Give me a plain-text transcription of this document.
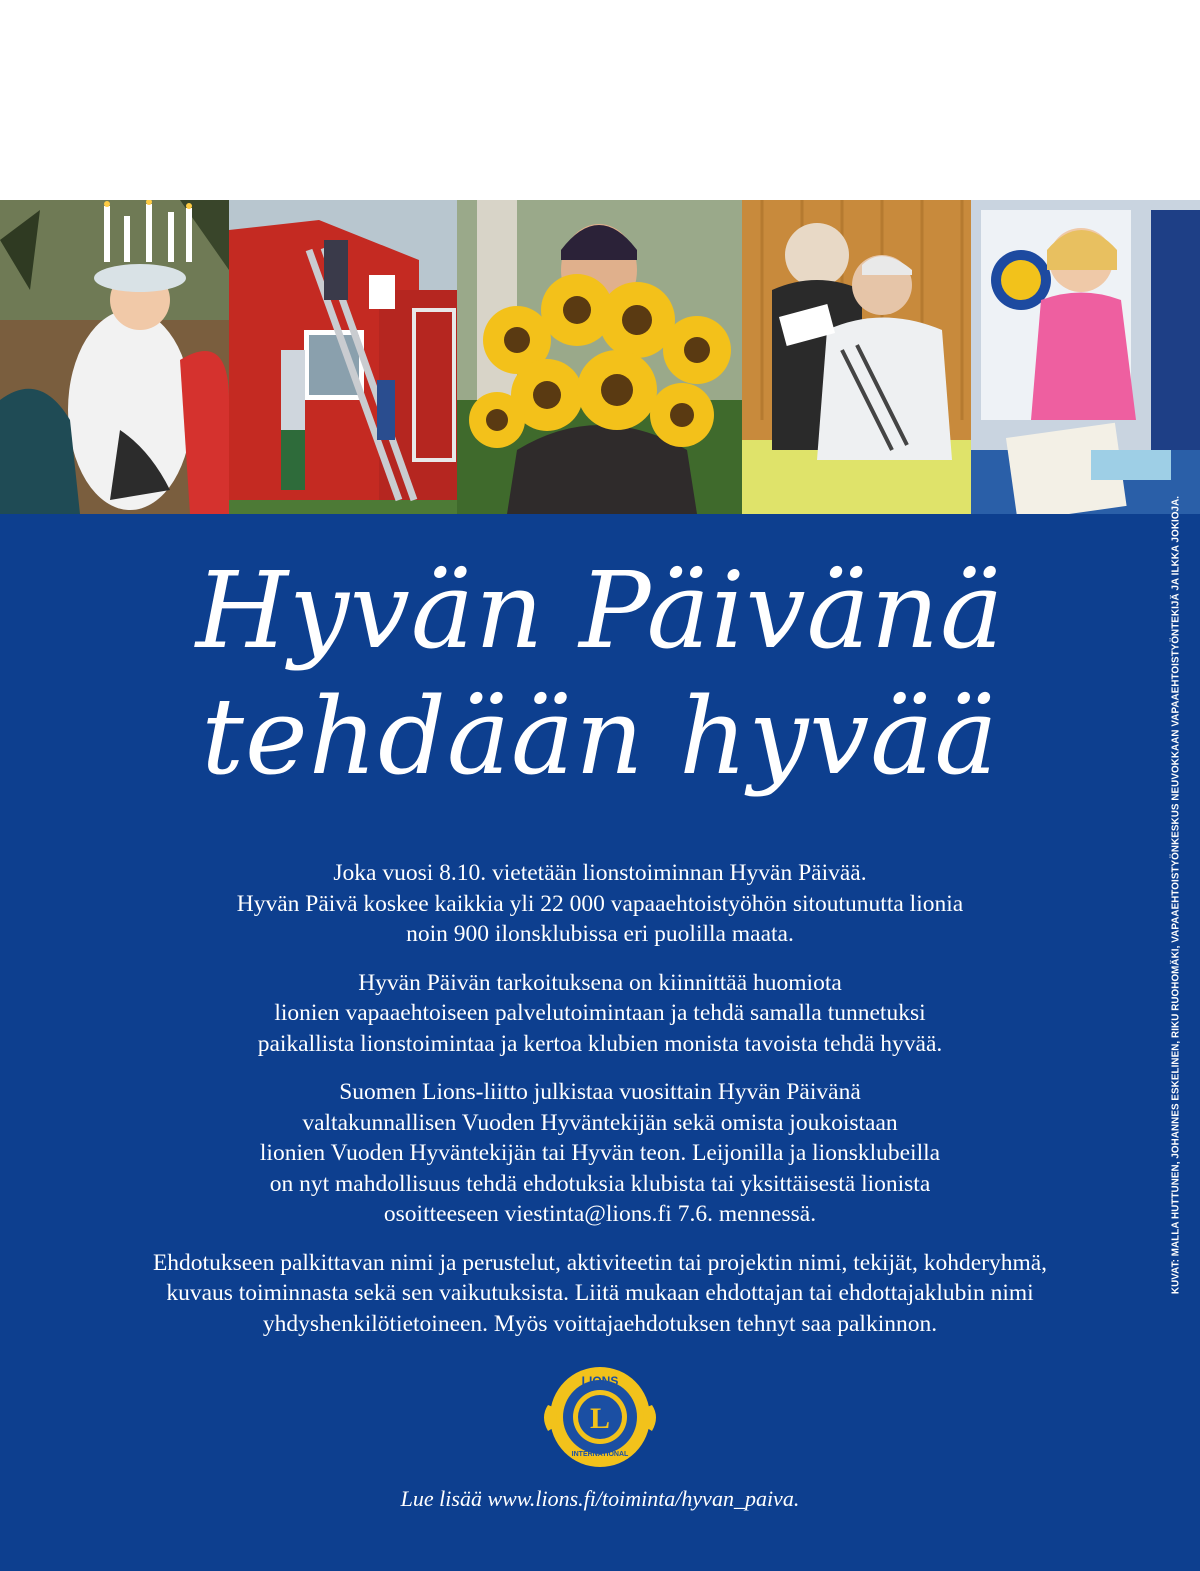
Hyvän Päivänä
tehdään hyvää

Joka vuosi 8.10. vietetään lionstoiminnan Hyvän Päivää.
Hyvän Päivä koskee kaikkia yli 22 000 vapaaehtoistyöhön sitoutunutta lionia
noin 900 ilonsklubissa eri puolilla maata.

Hyvän Päivän tarkoituksena on kiinnittää huomiota
lionien vapaaehtoiseen palvelutoimintaan ja tehdä samalla tunnetuksi
paikallista lionstoimintaa ja kertoa klubien monista tavoista tehdä hyvää.

Suomen Lions-liitto julkistaa vuosittain Hyvän Päivänä
valtakunnallisen Vuoden Hyväntekijän sekä omista joukoistaan
lionien Vuoden Hyväntekijän tai Hyvän teon. Leijonilla ja lionsklubeilla
on nyt mahdollisuus tehdä ehdotuksia klubista tai yksittäisestä lionista
osoitteeseen viestinta@lions.fi 7.6. mennessä.

Ehdotukseen palkittavan nimi ja perustelut, aktiviteetin tai projektin nimi, tekijät, kohderyhmä,
kuvaus toiminnasta sekä sen vaikutuksista. Liitä mukaan ehdottajan tai ehdottajaklubin nimi
yhdyshenkilötietoineen. Myös voittajaehdotuksen tehnyt saa palkinnon.

L
LIONS
INTERNATIONAL
Lue lisää www.lions.fi/toiminta/hyvan_paiva.
KUVAT: MALLA HUTTUNEN, JOHANNES ESKELINEN, RIKU RUOHOMÄKI, VAPAAEHTOISTYÖNKESKUS NEUVOKKAAN VAPAAEHTOISTYÖNTEKIJÄ JA ILKKA JOKIOJA.
